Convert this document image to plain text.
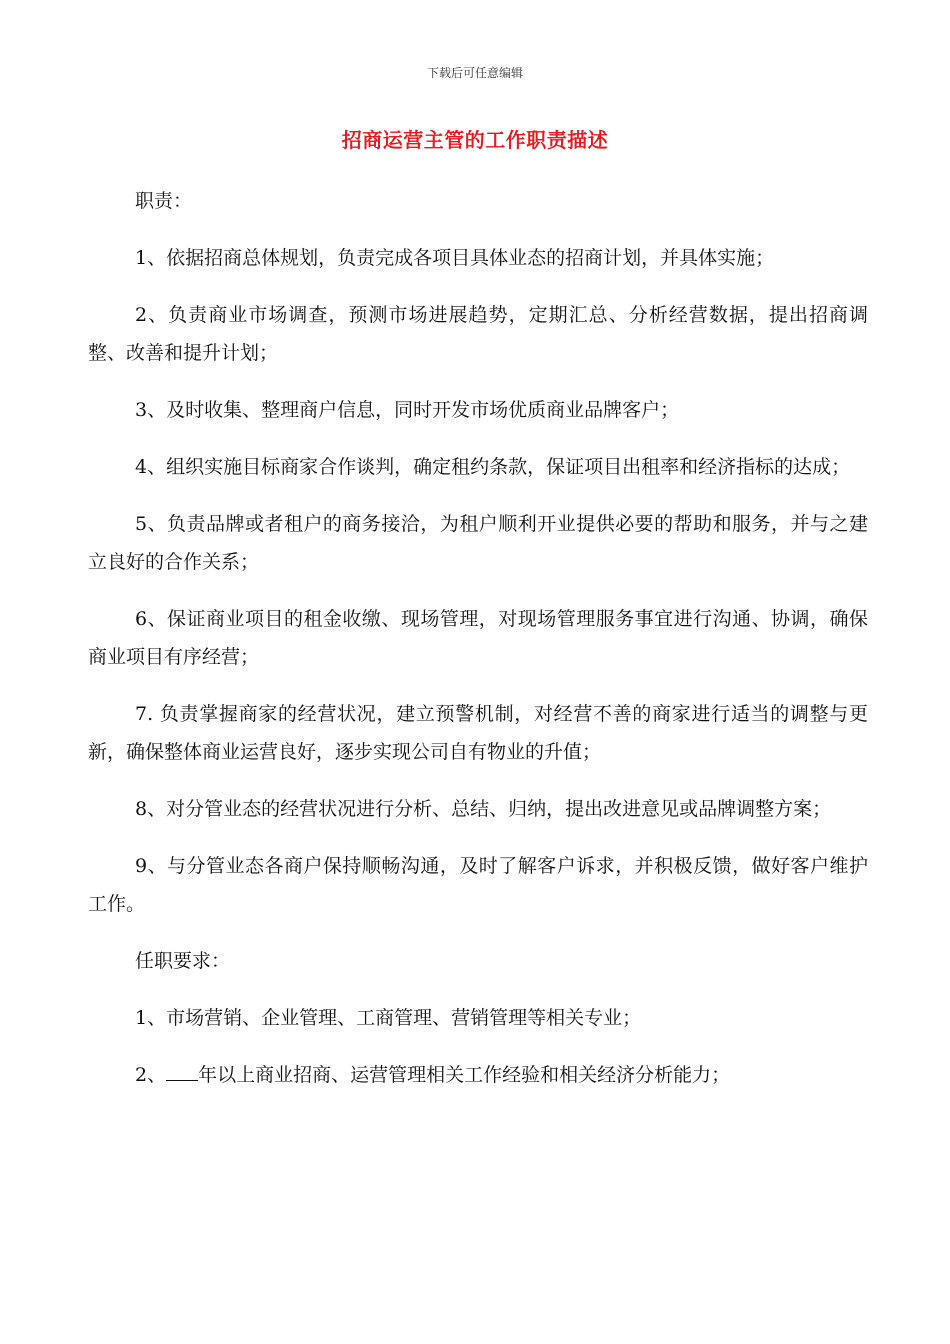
下载后可任意编辑
招商运营主管的工作职责描述

职责：

1、依据招商总体规划，负责完成各项目具体业态的招商计划，并具体实施；

2、负责商业市场调查，预测市场进展趋势，定期汇总、分析经营数据，提出招商调整、改善和提升计划；

3、及时收集、整理商户信息，同时开发市场优质商业品牌客户；

4、组织实施目标商家合作谈判，确定租约条款，保证项目出租率和经济指标的达成；

5、负责品牌或者租户的商务接洽，为租户顺利开业提供必要的帮助和服务，并与之建立良好的合作关系；

6、保证商业项目的租金收缴、现场管理，对现场管理服务事宜进行沟通、协调，确保商业项目有序经营；

7. 负责掌握商家的经营状况，建立预警机制，对经营不善的商家进行适当的调整与更新，确保整体商业运营良好，逐步实现公司自有物业的升值；

8、对分管业态的经营状况进行分析、总结、归纳，提出改进意见或品牌调整方案；

9、与分管业态各商户保持顺畅沟通，及时了解客户诉求，并积极反馈，做好客户维护工作。

任职要求：

1、市场营销、企业管理、工商管理、营销管理等相关专业；

2、 年以上商业招商、运营管理相关工作经验和相关经济分析能力；
